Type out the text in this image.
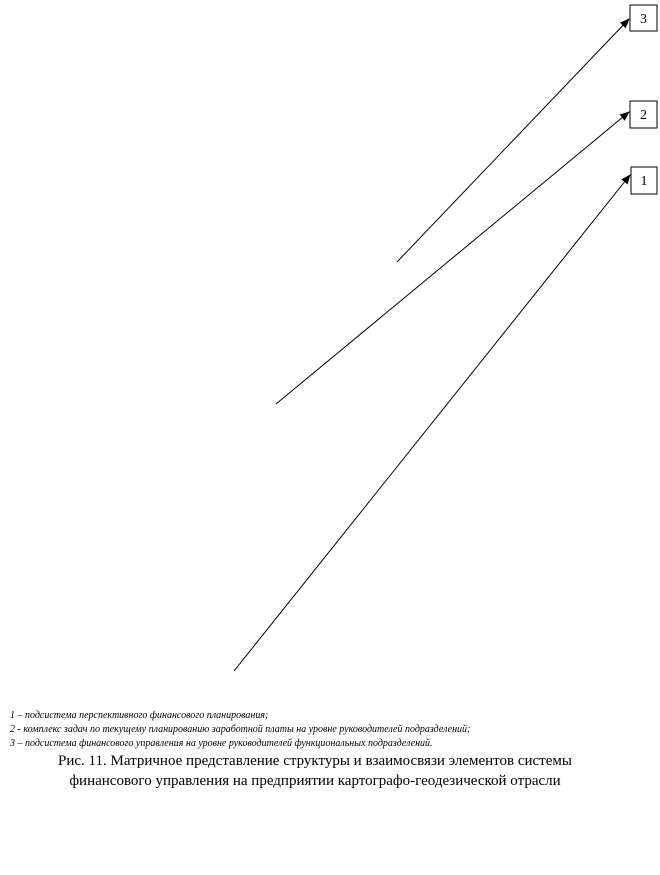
3
2
1
1 – подсистема перспективного финансового планирования;
2 - комплекс задач по текущему планированию заработной платы на уровне руководителей подразделений;
3 – подсистема финансового управления на уровне руководителей функциональных подразделений.
Рис. 11. Матричное представление структуры и взаимосвязи элементов системы
финансового управления на предприятии картографо-геодезической отрасли
